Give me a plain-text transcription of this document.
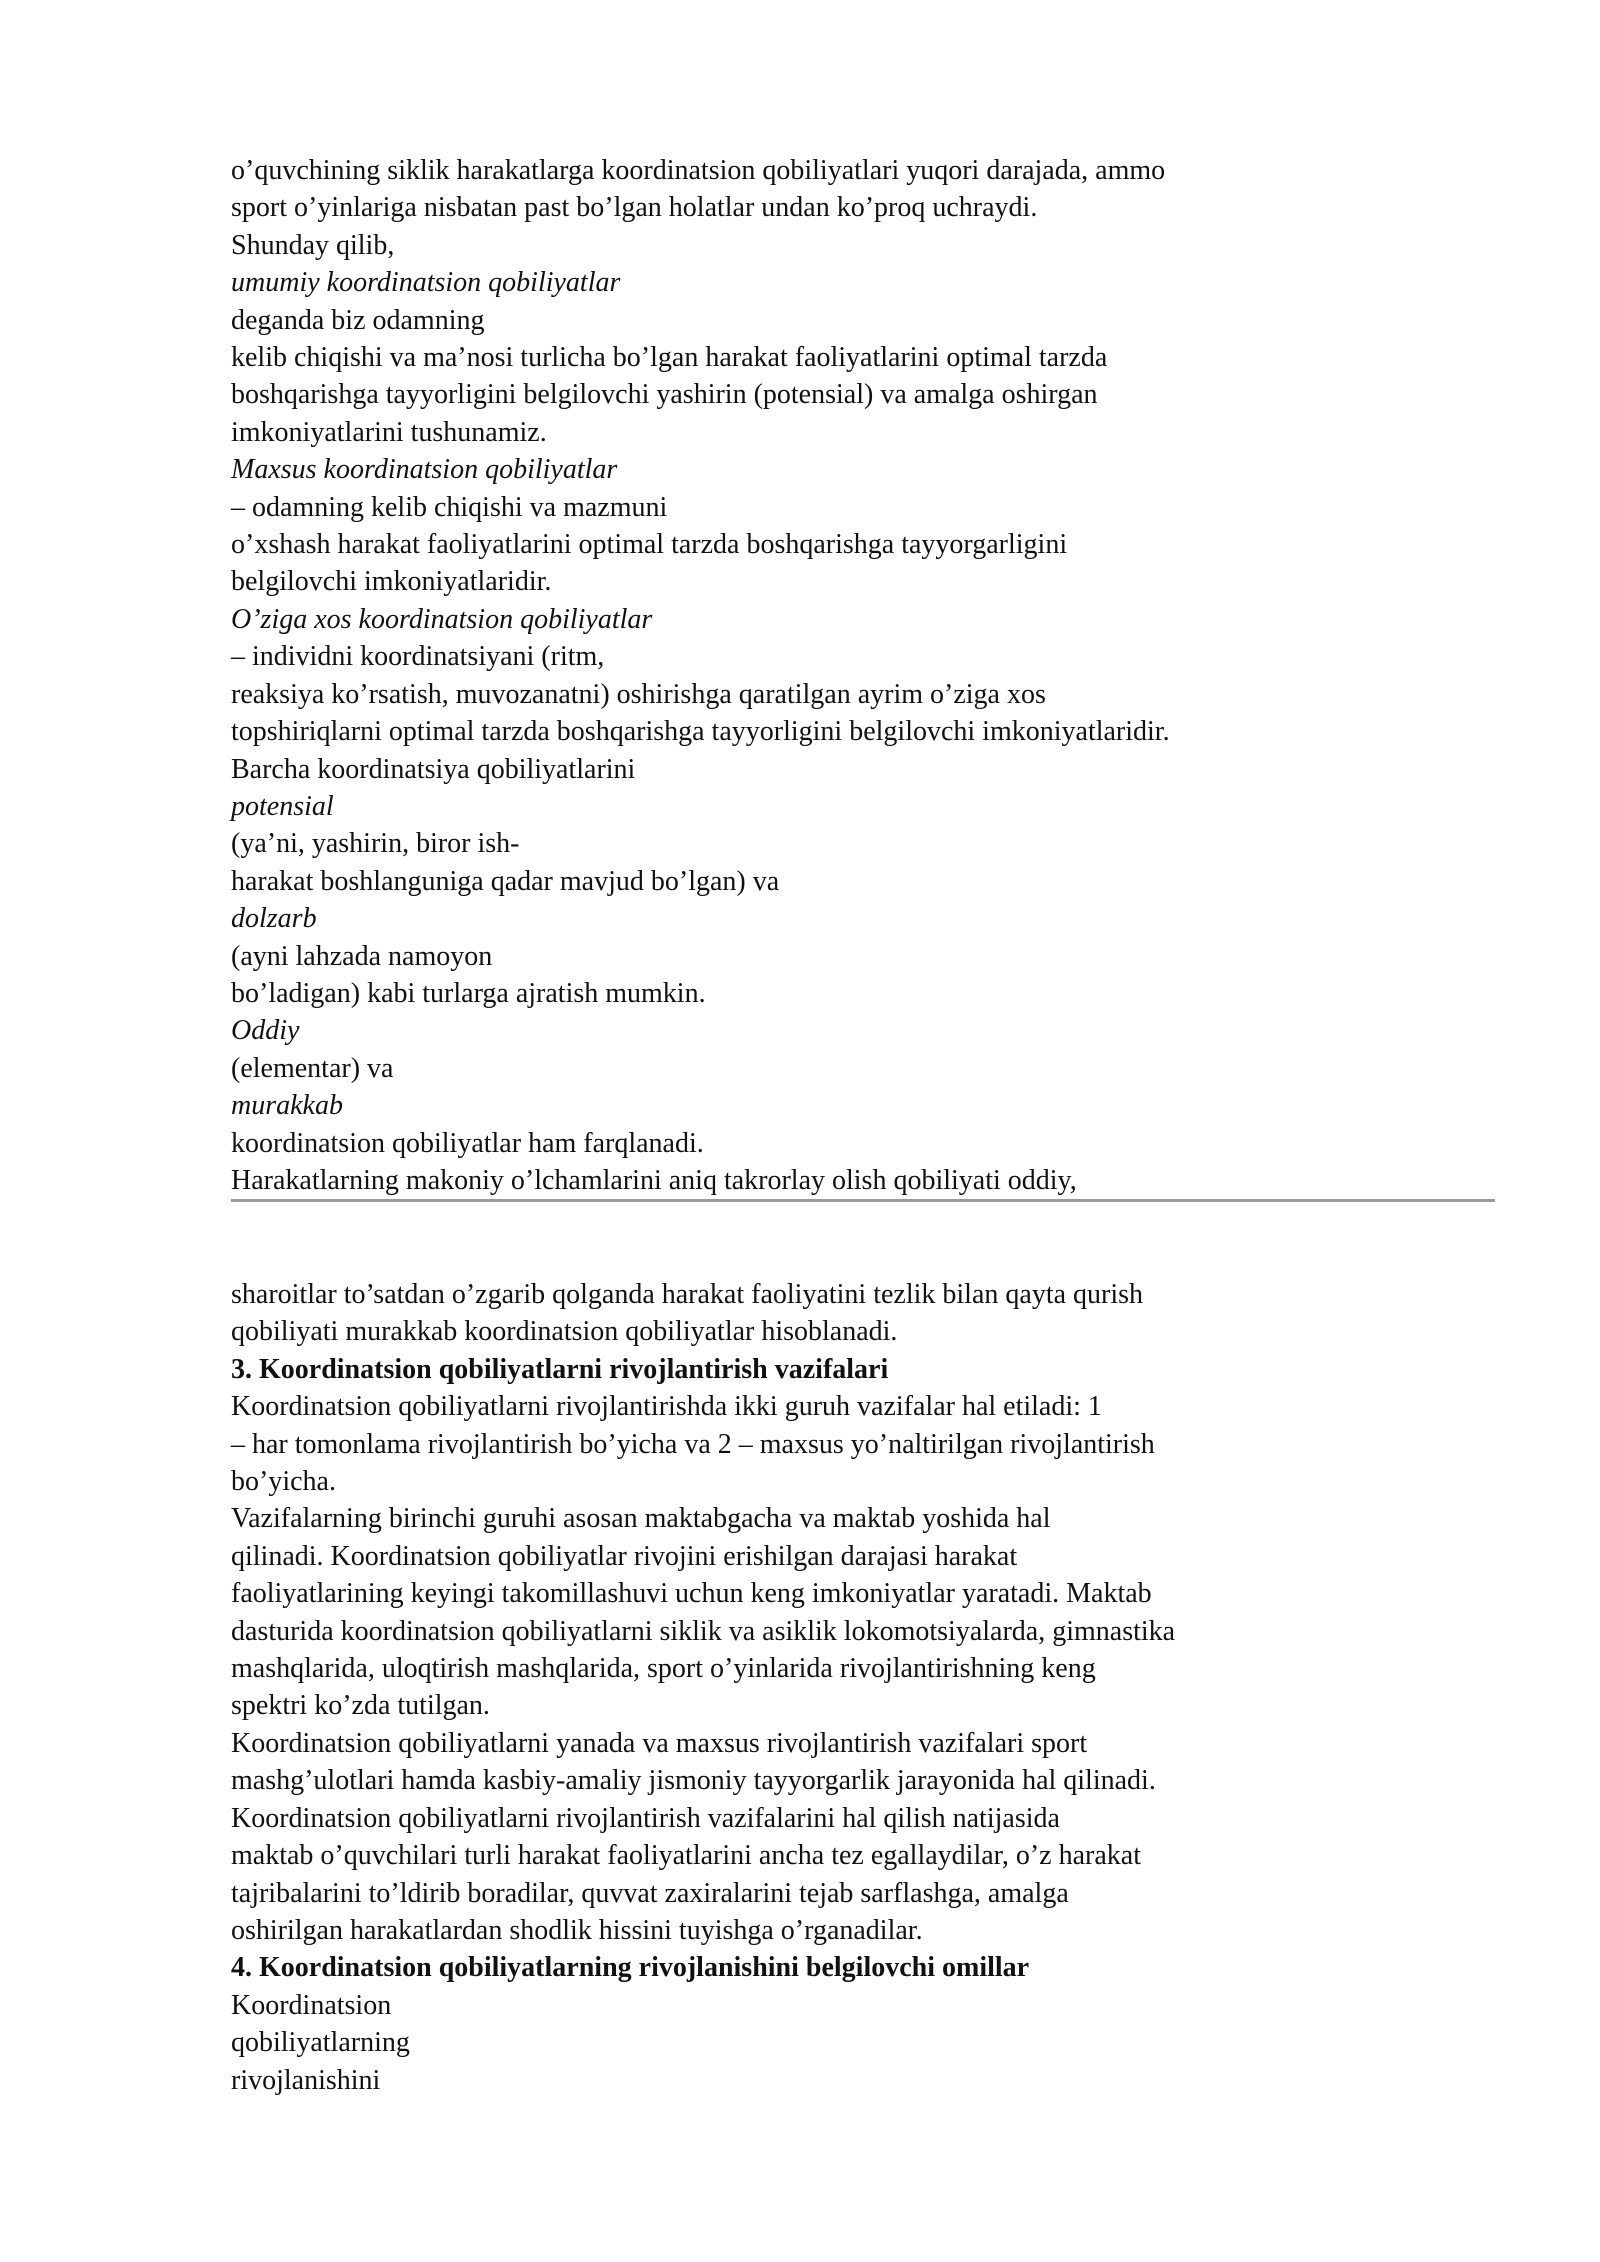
o’quvchining siklik harakatlarga koordinatsion qobiliyatlari yuqori darajada, ammo
sport o’yinlariga nisbatan past bo’lgan holatlar undan ko’proq uchraydi.
Shunday qilib,
umumiy koordinatsion qobiliyatlar
deganda biz odamning
kelib chiqishi va ma’nosi turlicha bo’lgan harakat faoliyatlarini optimal tarzda
boshqarishga tayyorligini belgilovchi yashirin (potensial) va amalga oshirgan
imkoniyatlarini tushunamiz.
Maxsus koordinatsion qobiliyatlar
– odamning kelib chiqishi va mazmuni
o’xshash harakat faoliyatlarini optimal tarzda boshqarishga tayyorgarligini
belgilovchi imkoniyatlaridir.
O’ziga xos koordinatsion qobiliyatlar
– individni koordinatsiyani (ritm,
reaksiya ko’rsatish, muvozanatni) oshirishga qaratilgan ayrim o’ziga xos
topshiriqlarni optimal tarzda boshqarishga tayyorligini belgilovchi imkoniyatlaridir.
Barcha koordinatsiya qobiliyatlarini
potensial
(ya’ni, yashirin, biror ish-
harakat boshlanguniga qadar mavjud bo’lgan) va
dolzarb
(ayni lahzada namoyon
bo’ladigan) kabi turlarga ajratish mumkin.
Oddiy
(elementar) va
murakkab
koordinatsion qobiliyatlar ham farqlanadi.
Harakatlarning makoniy o’lchamlarini aniq takrorlay olish qobiliyati oddiy,
sharoitlar to’satdan o’zgarib qolganda harakat faoliyatini tezlik bilan qayta qurish
qobiliyati murakkab koordinatsion qobiliyatlar hisoblanadi.
3. Koordinatsion qobiliyatlarni rivojlantirish vazifalari
Koordinatsion qobiliyatlarni rivojlantirishda ikki guruh vazifalar hal etiladi: 1
– har tomonlama rivojlantirish bo’yicha va 2 – maxsus yo’naltirilgan rivojlantirish
bo’yicha.
Vazifalarning birinchi guruhi asosan maktabgacha va maktab yoshida hal
qilinadi. Koordinatsion qobiliyatlar rivojini erishilgan darajasi harakat
faoliyatlarining keyingi takomillashuvi uchun keng imkoniyatlar yaratadi. Maktab
dasturida koordinatsion qobiliyatlarni siklik va asiklik lokomotsiyalarda, gimnastika
mashqlarida, uloqtirish mashqlarida, sport o’yinlarida rivojlantirishning keng
spektri ko’zda tutilgan.
Koordinatsion qobiliyatlarni yanada va maxsus rivojlantirish vazifalari sport
mashg’ulotlari hamda kasbiy-amaliy jismoniy tayyorgarlik jarayonida hal qilinadi.
Koordinatsion qobiliyatlarni rivojlantirish vazifalarini hal qilish natijasida
maktab o’quvchilari turli harakat faoliyatlarini ancha tez egallaydilar, o’z harakat
tajribalarini to’ldirib boradilar, quvvat zaxiralarini tejab sarflashga, amalga
oshirilgan harakatlardan shodlik hissini tuyishga o’rganadilar.
4. Koordinatsion qobiliyatlarning rivojlanishini belgilovchi omillar
Koordinatsion
qobiliyatlarning
rivojlanishini
